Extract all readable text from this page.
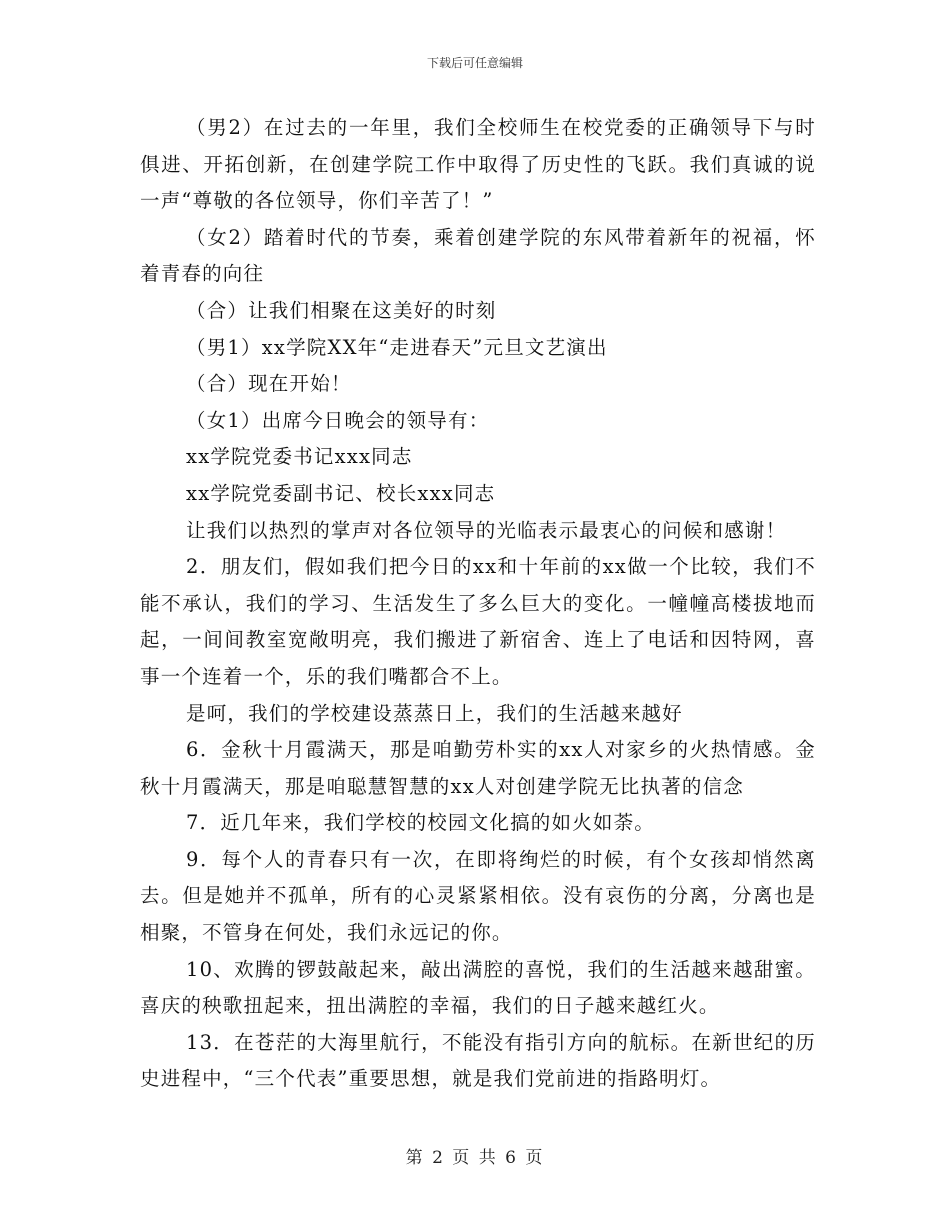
下载后可任意编辑

（男2）在过去的一年里，我们全校师生在校党委的正确领导下与时俱进、开拓创新，在创建学院工作中取得了历史性的飞跃。我们真诚的说一声“尊敬的各位领导，你们辛苦了！”

（女2）踏着时代的节奏，乘着创建学院的东风带着新年的祝福，怀着青春的向往

（合）让我们相聚在这美好的时刻

（男1）xx学院XX年“走进春天”元旦文艺演出

（合）现在开始！

（女1）出席今日晚会的领导有：

xx学院党委书记xxx同志

xx学院党委副书记、校长xxx同志

让我们以热烈的掌声对各位领导的光临表示最衷心的问候和感谢！

2．朋友们，假如我们把今日的xx和十年前的xx做一个比较，我们不能不承认，我们的学习、生活发生了多么巨大的变化。一幢幢高楼拔地而起，一间间教室宽敞明亮，我们搬进了新宿舍、连上了电话和因特网，喜事一个连着一个，乐的我们嘴都合不上。

是呵，我们的学校建设蒸蒸日上，我们的生活越来越好

6．金秋十月霞满天，那是咱勤劳朴实的xx人对家乡的火热情感。金秋十月霞满天，那是咱聪慧智慧的xx人对创建学院无比执著的信念

7．近几年来，我们学校的校园文化搞的如火如荼。

9．每个人的青春只有一次，在即将绚烂的时候，有个女孩却悄然离去。但是她并不孤单，所有的心灵紧紧相依。没有哀伤的分离，分离也是相聚，不管身在何处，我们永远记的你。

10、欢腾的锣鼓敲起来，敲出满腔的喜悦，我们的生活越来越甜蜜。喜庆的秧歌扭起来，扭出满腔的幸福，我们的日子越来越红火。

13．在苍茫的大海里航行，不能没有指引方向的航标。在新世纪的历史进程中，“三个代表”重要思想，就是我们党前进的指路明灯。

第 2 页 共 6 页
